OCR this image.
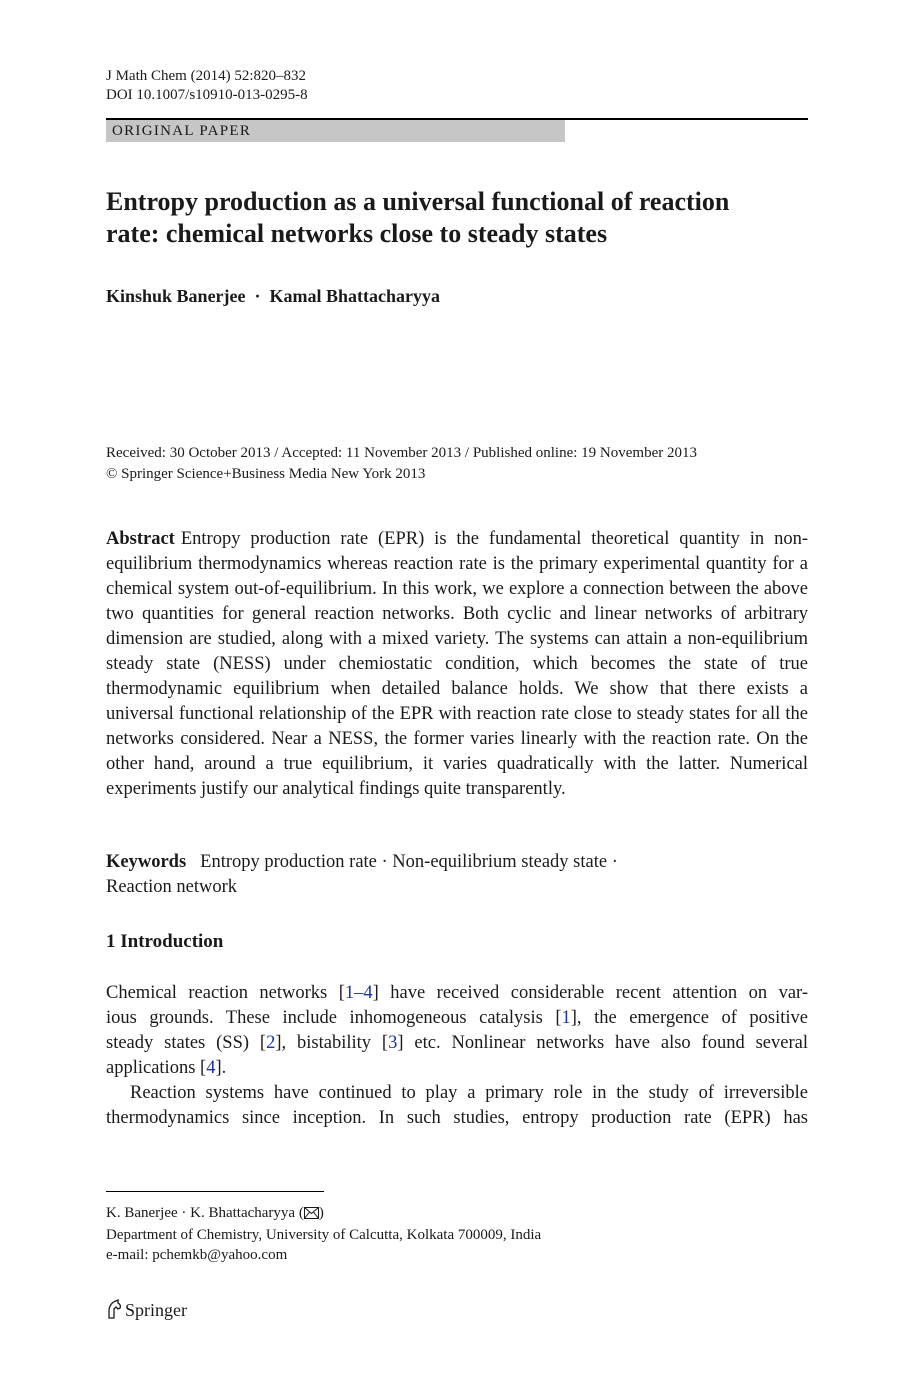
J Math Chem (2014) 52:820–832
DOI 10.1007/s10910-013-0295-8
ORIGINAL PAPER
Entropy production as a universal functional of reaction
rate: chemical networks close to steady states
Kinshuk Banerjee · Kamal Bhattacharyya
Received: 30 October 2013 / Accepted: 11 November 2013 / Published online: 19 November 2013
© Springer Science+Business Media New York 2013
Abstract Entropy production rate (EPR) is the fundamental theoretical quantity in non-equilibrium thermodynamics whereas reaction rate is the primary experimental quantity for a chemical system out-of-equilibrium. In this work, we explore a connection between the above two quantities for general reaction networks. Both cyclic and linear networks of arbitrary dimension are studied, along with a mixed variety. The systems can attain a non-equilibrium steady state (NESS) under chemiostatic condition, which becomes the state of true thermodynamic equilibrium when detailed balance holds. We show that there exists a universal functional relationship of the EPR with reaction rate close to steady states for all the networks considered. Near a NESS, the former varies linearly with the reaction rate. On the other hand, around a true equilibrium, it varies quadratically with the latter. Numerical experiments justify our analytical findings quite transparently.
Keywords Entropy production rate · Non-equilibrium steady state ·
Reaction network
1 Introduction
Chemical reaction networks [1–4] have received considerable recent attention on var-
ious grounds. These include inhomogeneous catalysis [1], the emergence of positive
steady states (SS) [2], bistability [3] etc. Nonlinear networks have also found several
applications [4].
Reaction systems have continued to play a primary role in the study of irreversible
thermodynamics since inception. In such studies, entropy production rate (EPR) has
K. Banerjee · K. Bhattacharyya ( )
Department of Chemistry, University of Calcutta, Kolkata 700009, India
e-mail: pchemkb@yahoo.com
Springer
